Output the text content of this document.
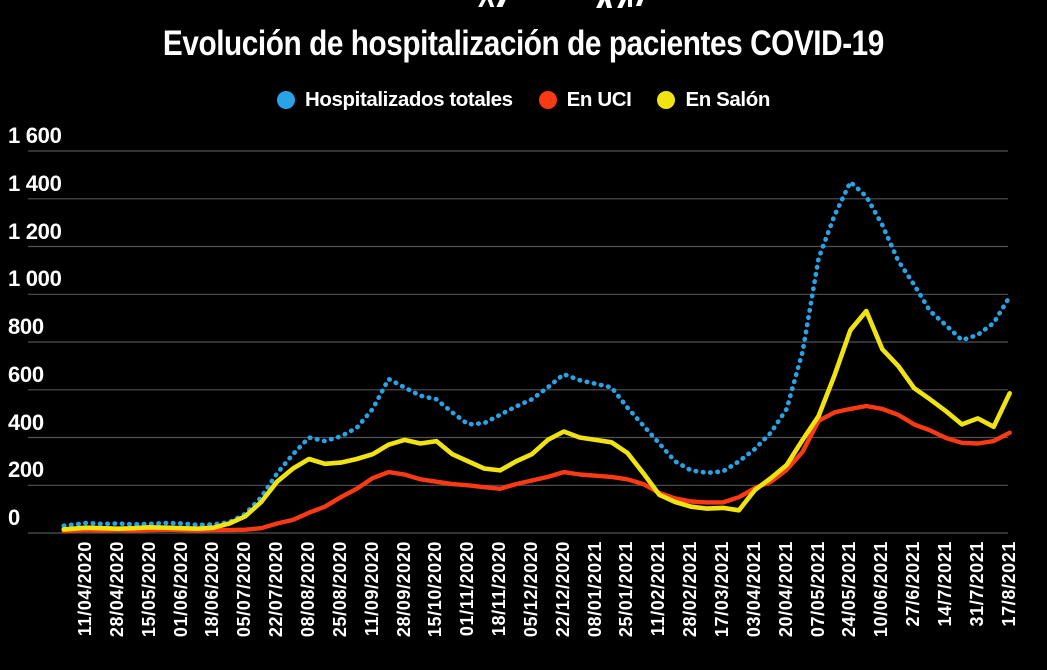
Evolución de hospitalización de pacientes COVID-19
Hospitalizados totales	En UCI	En Salón
0
200
400
600
800
1 000
1 200
1 400
1 600
11/04/2020 28/04/2020 15/05/2020 01/06/2020 18/06/2020 05/07/2020 22/07/2020 08/08/2020 25/08/2020 11/09/2020 28/09/2020 15/10/2020 01/11/2020 18/11/2020 05/12/2020 22/12/2020 08/01/2021 25/01/2021 11/02/2021 28/02/2021 17/03/2021 03/04/2021 20/04/2021 07/05/2021 24/05/2021 10/06/2021 27/6/2021 14/7/2021 31/7/2021 17/8/2021
